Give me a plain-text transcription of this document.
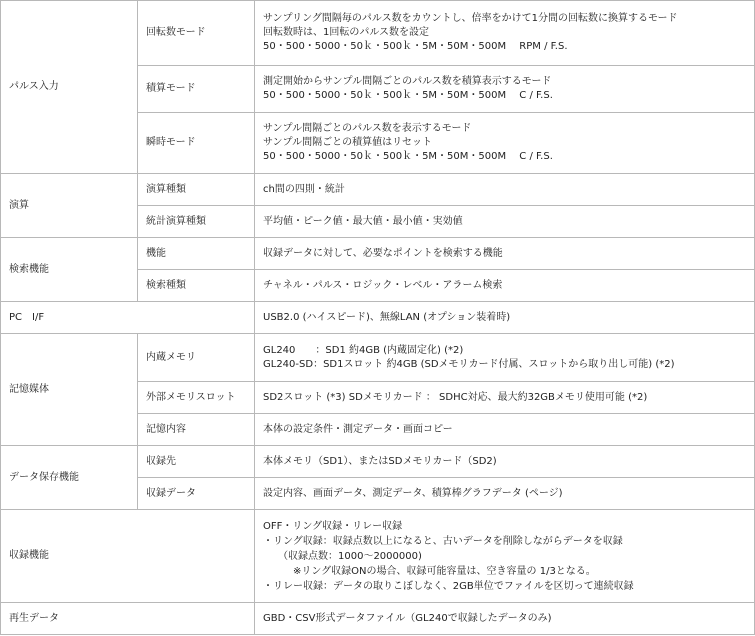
パルス入力
演算
検索機能
PC　I/F
記憶媒体
データ保存機能
収録機能
再生データ
回転数モード
積算モード
瞬時モード
演算種類
統計演算種類
機能
検索種類
内蔵メモリ
外部メモリスロット
記憶内容
収録先
収録データ
サンプリング間隔毎のパルス数をカウントし、倍率をかけて1分間の回転数に換算するモード
回転数時は、1回転のパルス数を設定
50・500・5000・50ｋ・500ｋ・5M・50M・500M　 RPM / F.S.
測定開始からサンプル間隔ごとのパルス数を積算表示するモード
50・500・5000・50ｋ・500ｋ・5M・50M・500M　 C / F.S.
サンプル間隔ごとのパルス数を表示するモード
サンプル間隔ごとの積算値はリセット
50・500・5000・50ｋ・500ｋ・5M・50M・500M　 C / F.S.
ch間の四則・統計
平均値・ピーク値・最大値・最小値・実効値
収録データに対して、必要なポイントを検索する機能
チャネル・パルス・ロジック・レベル・アラーム検索
USB2.0 (ハイスピード)、無線LAN (オプション装着時)
GL240　　：SD1 約4GB (内蔵固定化) (*2)
GL240-SD：SD1スロット 約4GB (SDメモリカード付属、スロットから取り出し可能) (*2)
SD2スロット (*3) SDメモリカード ： SDHC対応、最大約32GBメモリ使用可能 (*2)
本体の設定条件・測定データ・画面コピー
本体メモリ（SD1）、またはSDメモリカード（SD2)
設定内容、画面データ、測定データ、積算棒グラフデータ (ページ)
OFF・リング収録・リレー収録
・リング収録：収録点数以上になると、古いデータを削除しながらデータを収録
　　（収録点数：1000～2000000)
　　　※リング収録ONの場合、収録可能容量は、空き容量の 1/3となる。
・リレー収録：データの取りこぼしなく、2GB単位でファイルを区切って連続収録
GBD・CSV形式データファイル（GL240で収録したデータのみ)
